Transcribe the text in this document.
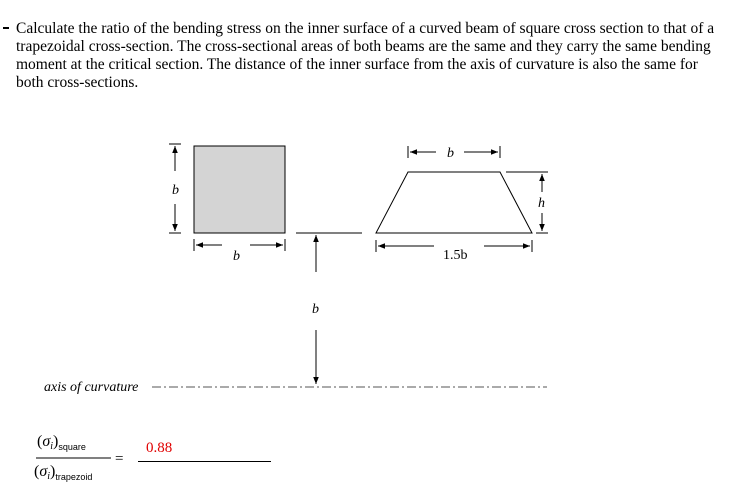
Calculate the ratio of the bending stress on the inner surface of a curved beam of square cross section to that of a trapezoidal cross-section. The cross-sectional areas of both beams are the same and they carry the same bending moment at the critical section. The distance of the inner surface from the axis of curvature is also the same for both cross-sections.

b
b
b
b
1.5b
h
$(\sigma i)_{square}$
$(\sigma i)_{trapezoid}$
=
axis of curvature
0.88
